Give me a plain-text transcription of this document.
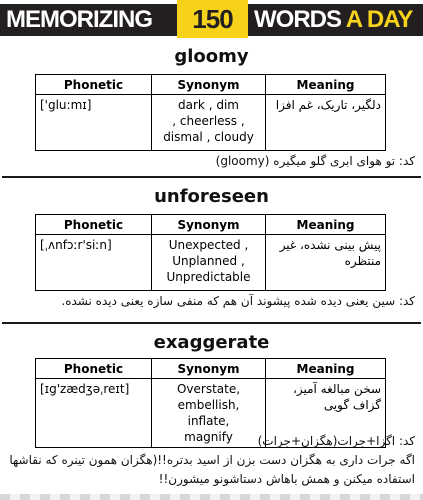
MEMORIZING	150 WORDS A DAY
gloomy
Phonetic	Synonym	Meaning
['glu:mɪ]	dark , dim
, cheerless ,
dismal , cloudy	دلگیر، تاریک، غم افزا
کد: تو هوای ابری گلو میگیره (gloomy)
unforeseen
Phonetic	Synonym	Meaning
[ˌʌnfɔːr'siːn]	Unexpected ,
Unplanned ,
Unpredictable	پیش بینی نشده، غیر منتظره
کد: سین یعنی دیده شده پیشوند آن هم که منفی سازه یعنی دیده نشده.
exaggerate
Phonetic	Synonym	Meaning
[ɪg'zædʒəˌreɪt]	Overstate,
embellish, inflate,
magnify	سخن مبالغه آمیز، گزاف گویی
کد: اگزا+جرات(هگزان+جرات)
اگه جرات داری به هگزان دست بزن از اسید بدتره!!(هگزان همون تینره که نقاشها
استفاده میکنن و همش باهاش دستاشونو میشورن!!
